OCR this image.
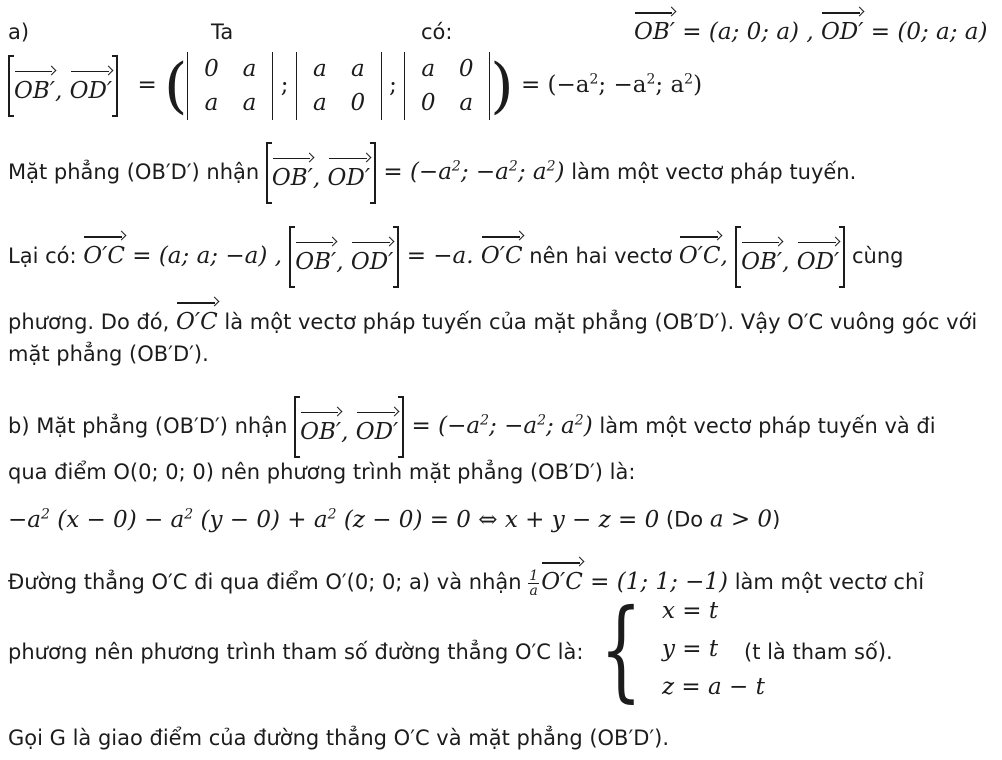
a)	Ta	có:	OB′ = (a; 0; a) , OD′ = (0; a; a)
OB′, OD′ = ( 0	a
a	a
;
a	a
a	0
;
a	0
0	a ) = ($-a^2$; $-a^2$; $a^2$)
Mặt phẳng (OB′D′) nhận OB′, $OD' = (-a^2$; $-a^2$; $a^2$) làm một vectơ pháp tuyến.
Lại có: O′C = (a; a; −a) , OB′, OD′ = −a. O′C nên hai vectơ O′C, OB′, OD′ cùng
phương. Do đó, O′C là một vectơ pháp tuyến của mặt phẳng (OB′D′). Vậy O′C vuông góc với
mặt phẳng (OB′D′).
b) Mặt phẳng (OB′D′) nhận OB′, $OD' = (-a^2$; $-a^2$; $a^2$) làm một vectơ pháp tuyến và đi
qua điểm O(0; 0; 0) nên phương trình mặt phẳng (OB′D′) là:
$-a^2$ $(x - 0) - a^2$ $(y - 0) + a^2$ (z − 0) = 0 ⇔ x + y − z = 0 (Do a > 0)
Đường thẳng O′C đi qua điểm O′(0; 0; a) và nhận $\frac{1}{a} O'C = (1$; 1; −1) làm một vectơ chỉ
phương nên phương trình tham số đường thẳng O′C là: { x = t
y = t
z = a − t
(t là tham số).
Gọi G là giao điểm của đường thẳng O′C và mặt phẳng (OB′D′).
